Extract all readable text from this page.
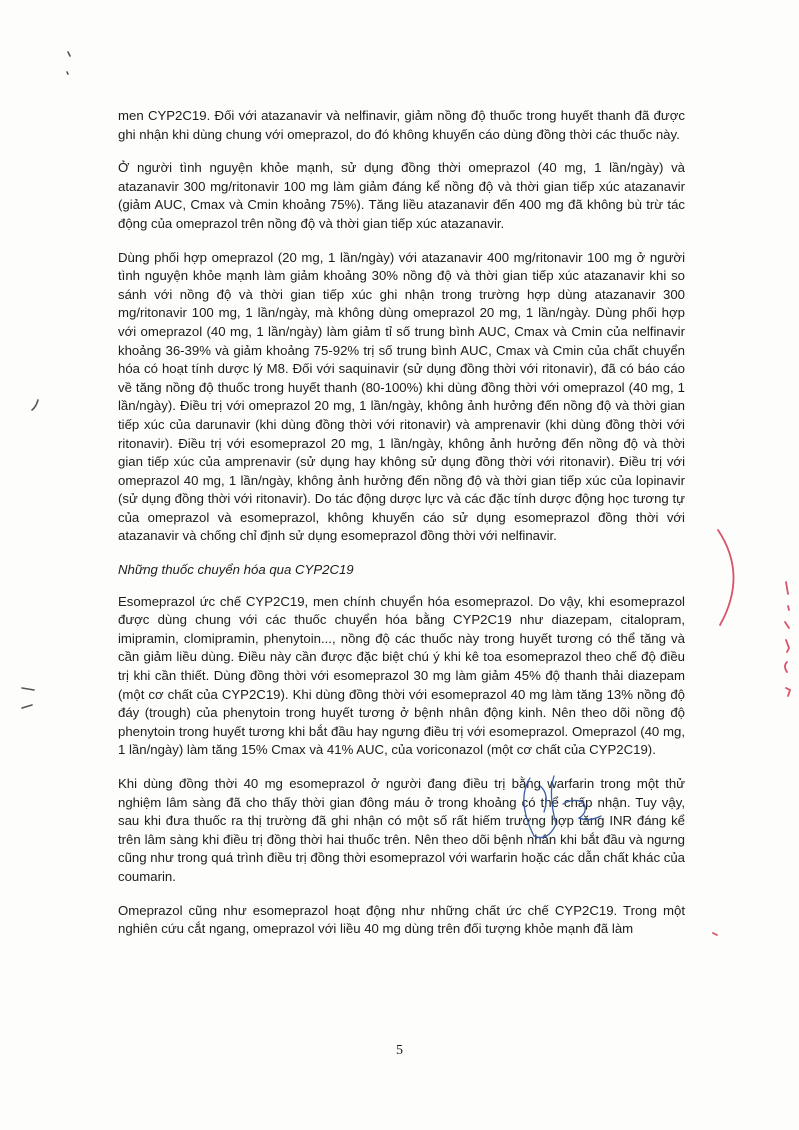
men CYP2C19. Đối với atazanavir và nelfinavir, giảm nồng độ thuốc trong huyết thanh đã được ghi nhận khi dùng chung với omeprazol, do đó không khuyến cáo dùng đồng thời các thuốc này.

Ở người tình nguyện khỏe mạnh, sử dụng đồng thời omeprazol (40 mg, 1 lần/ngày) và atazanavir 300 mg/ritonavir 100 mg làm giảm đáng kể nồng độ và thời gian tiếp xúc atazanavir (giảm AUC, Cmax và Cmin khoảng 75%). Tăng liều atazanavir đến 400 mg đã không bù trừ tác động của omeprazol trên nồng độ và thời gian tiếp xúc atazanavir.

Dùng phối hợp omeprazol (20 mg, 1 lần/ngày) với atazanavir 400 mg/ritonavir 100 mg ở người tình nguyện khỏe mạnh làm giảm khoảng 30% nồng độ và thời gian tiếp xúc atazanavir khi so sánh với nồng độ và thời gian tiếp xúc ghi nhận trong trường hợp dùng atazanavir 300 mg/ritonavir 100 mg, 1 lần/ngày, mà không dùng omeprazol 20 mg, 1 lần/ngày. Dùng phối hợp với omeprazol (40 mg, 1 lần/ngày) làm giảm tỉ số trung bình AUC, Cmax và Cmin của nelfinavir khoảng 36-39% và giảm khoảng 75-92% trị số trung bình AUC, Cmax và Cmin của chất chuyển hóa có hoạt tính dược lý M8. Đối với saquinavir (sử dụng đồng thời với ritonavir), đã có báo cáo về tăng nồng độ thuốc trong huyết thanh (80-100%) khi dùng đồng thời với omeprazol (40 mg, 1 lần/ngày). Điều trị với omeprazol 20 mg, 1 lần/ngày, không ảnh hưởng đến nồng độ và thời gian tiếp xúc của darunavir (khi dùng đồng thời với ritonavir) và amprenavir (khi dùng đồng thời với ritonavir). Điều trị với esomeprazol 20 mg, 1 lần/ngày, không ảnh hưởng đến nồng độ và thời gian tiếp xúc của amprenavir (sử dụng hay không sử dụng đồng thời với ritonavir). Điều trị với omeprazol 40 mg, 1 lần/ngày, không ảnh hưởng đến nồng độ và thời gian tiếp xúc của lopinavir (sử dụng đồng thời với ritonavir). Do tác động dược lực và các đặc tính dược động học tương tự của omeprazol và esomeprazol, không khuyến cáo sử dụng esomeprazol đồng thời với atazanavir và chống chỉ định sử dụng esomeprazol đồng thời với nelfinavir.

Những thuốc chuyển hóa qua CYP2C19

Esomeprazol ức chế CYP2C19, men chính chuyển hóa esomeprazol. Do vậy, khi esomeprazol được dùng chung với các thuốc chuyển hóa bằng CYP2C19 như diazepam, citalopram, imipramin, clomipramin, phenytoin..., nồng độ các thuốc này trong huyết tương có thể tăng và cần giảm liều dùng. Điều này cần được đặc biệt chú ý khi kê toa esomeprazol theo chế độ điều trị khi cần thiết. Dùng đồng thời với esomeprazol 30 mg làm giảm 45% độ thanh thải diazepam (một cơ chất của CYP2C19). Khi dùng đồng thời với esomeprazol 40 mg làm tăng 13% nồng độ đáy (trough) của phenytoin trong huyết tương ở bệnh nhân động kinh. Nên theo dõi nồng độ phenytoin trong huyết tương khi bắt đầu hay ngưng điều trị với esomeprazol. Omeprazol (40 mg, 1 lần/ngày) làm tăng 15% Cmax và 41% AUC, của voriconazol (một cơ chất của CYP2C19).

Khi dùng đồng thời 40 mg esomeprazol ở người đang điều trị bằng warfarin trong một thử nghiệm lâm sàng đã cho thấy thời gian đông máu ở trong khoảng có thể chấp nhận. Tuy vậy, sau khi đưa thuốc ra thị trường đã ghi nhận có một số rất hiếm trường hợp tăng INR đáng kể trên lâm sàng khi điều trị đồng thời hai thuốc trên. Nên theo dõi bệnh nhân khi bắt đầu và ngưng cũng như trong quá trình điều trị đồng thời esomeprazol với warfarin hoặc các dẫn chất khác của coumarin.

Omeprazol cũng như esomeprazol hoạt động như những chất ức chế CYP2C19. Trong một nghiên cứu cắt ngang, omeprazol với liều 40 mg dùng trên đối tượng khỏe mạnh đã làm

5
